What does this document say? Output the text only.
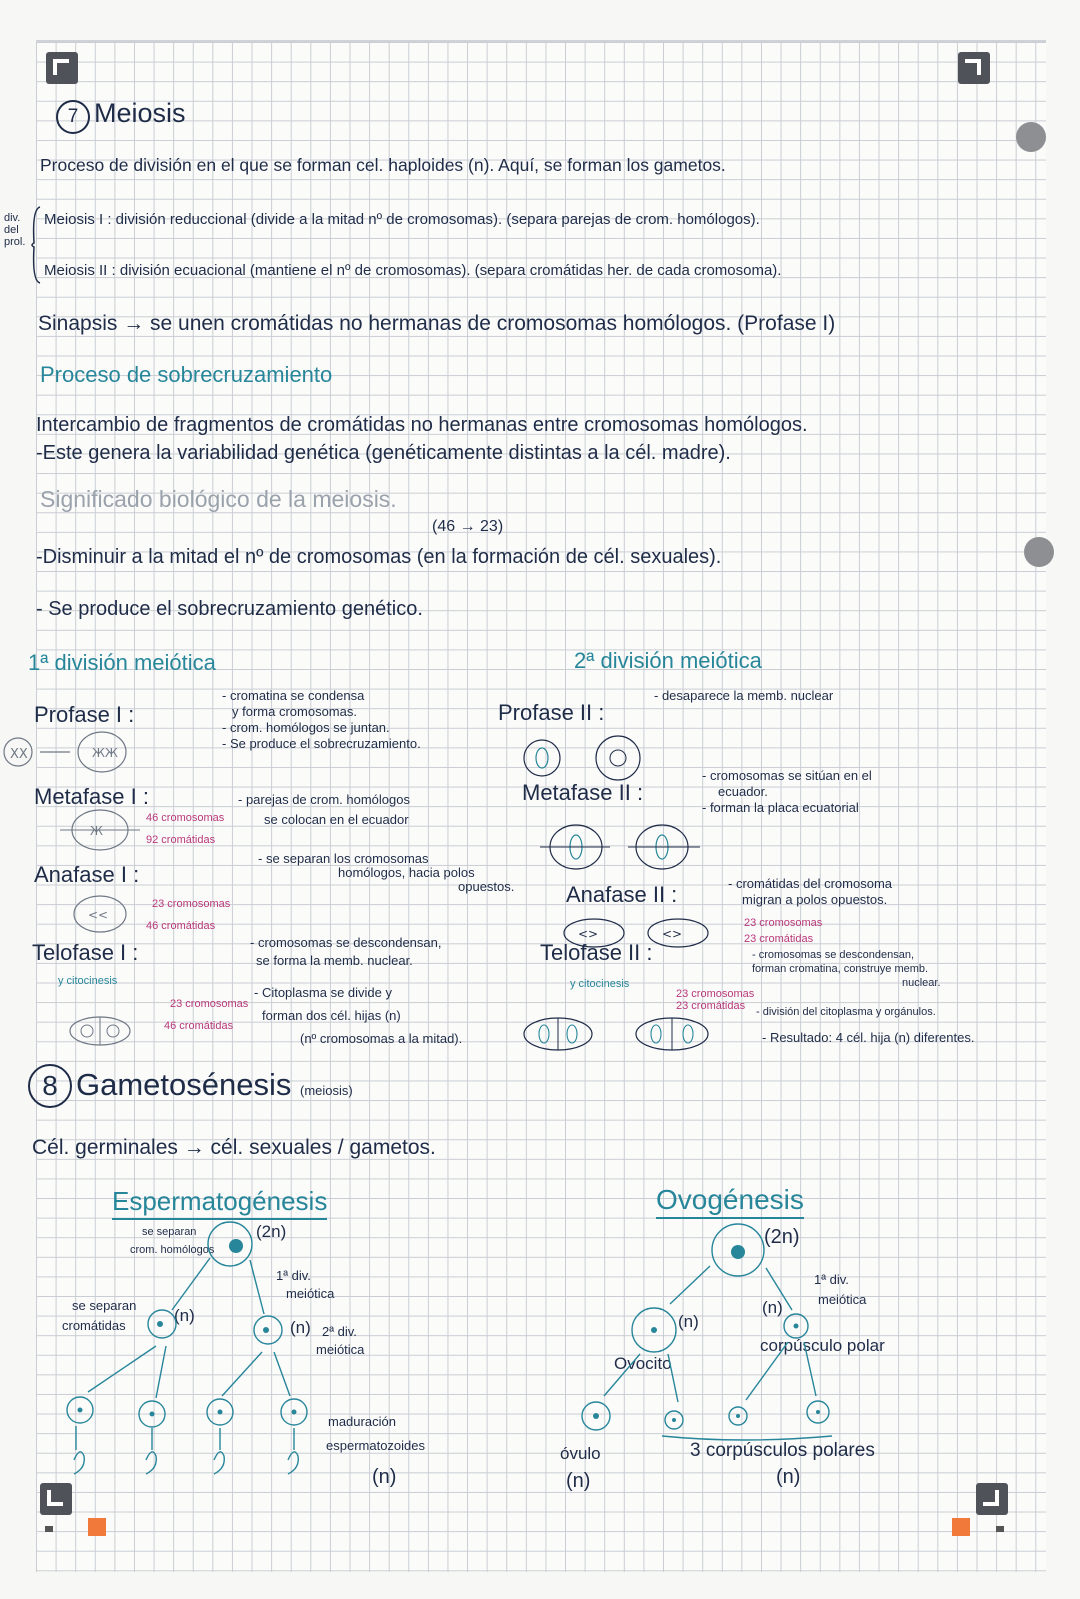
7 Meiosis
Proceso de división en el que se forman cel. haploides (n). Aquí, se forman los gametos.
div. del prol.
Meiosis I : división reduccional (divide a la mitad nº de cromosomas). (separa parejas de crom. homólogos).
Meiosis II : división ecuacional (mantiene el nº de cromosomas). (separa cromátidas her. de cada cromosoma).
Sinapsis → se unen cromátidas no hermanas de cromosomas homólogos. (Profase I)
Proceso de sobrecruzamiento
Intercambio de fragmentos de cromátidas no hermanas entre cromosomas homólogos.
-Este genera la variabilidad genética (genéticamente distintas a la cél. madre).
Significado biológico de la meiosis.
(46 → 23)
-Disminuir a la mitad el nº de cromosomas (en la formación de cél. sexuales).
- Se produce el sobrecruzamiento genético.
1ª división meiótica
Profase I :
- cromatina se condensa
y forma cromosomas.
- crom. homólogos se juntan.
- Se produce el sobrecruzamiento.
XX	ЖЖ
Metafase I :	- parejas de crom. homólogos
se colocan en el ecuador
46 cromosomas
92 cromátidas
Ж
Anafase I :
- se separan los cromosomas
homólogos, hacia polos
opuestos.
23 cromosomas
46 cromátidas
<<
Telofase I :
y citocinesis
- cromosomas se descondensan,
se forma la memb. nuclear.
- Citoplasma se divide y
forman dos cél. hijas (n)
(nº cromosomas a la mitad).
23 cromosomas
46 cromátidas
2ª división meiótica
Profase II :
- desaparece la memb. nuclear
Metafase II :
- cromosomas se sitúan en el
ecuador.
- forman la placa ecuatorial
Anafase II :	- cromátidas del cromosoma
migran a polos opuestos.
23 cromosomas
23 cromátidas
<>	<>
Telofase II :
y citocinesis
- cromosomas se descondensan,
forman cromatina, construye memb.
nuclear.
23 cromosomas
23 cromátidas - división del citoplasma y orgánulos.
- Resultado: 4 cél. hija (n) diferentes.
8 Gametosénesis (meiosis)
Cél. germinales → cél. sexuales / gametos.
Espermatogénesis
se separan
crom. homólogos
(2n)
1ª div.
meiótica
se separan
cromátidas
(n)
(n) 2ª div.
meiótica
maduración
espermatozoides
(n)
Ovogénesis
(2n)
1ª div.
meiótica
(n)
(n)
Ovocito
corpúsculo polar
óvulo
(n)
3 corpúsculos polares
(n)
